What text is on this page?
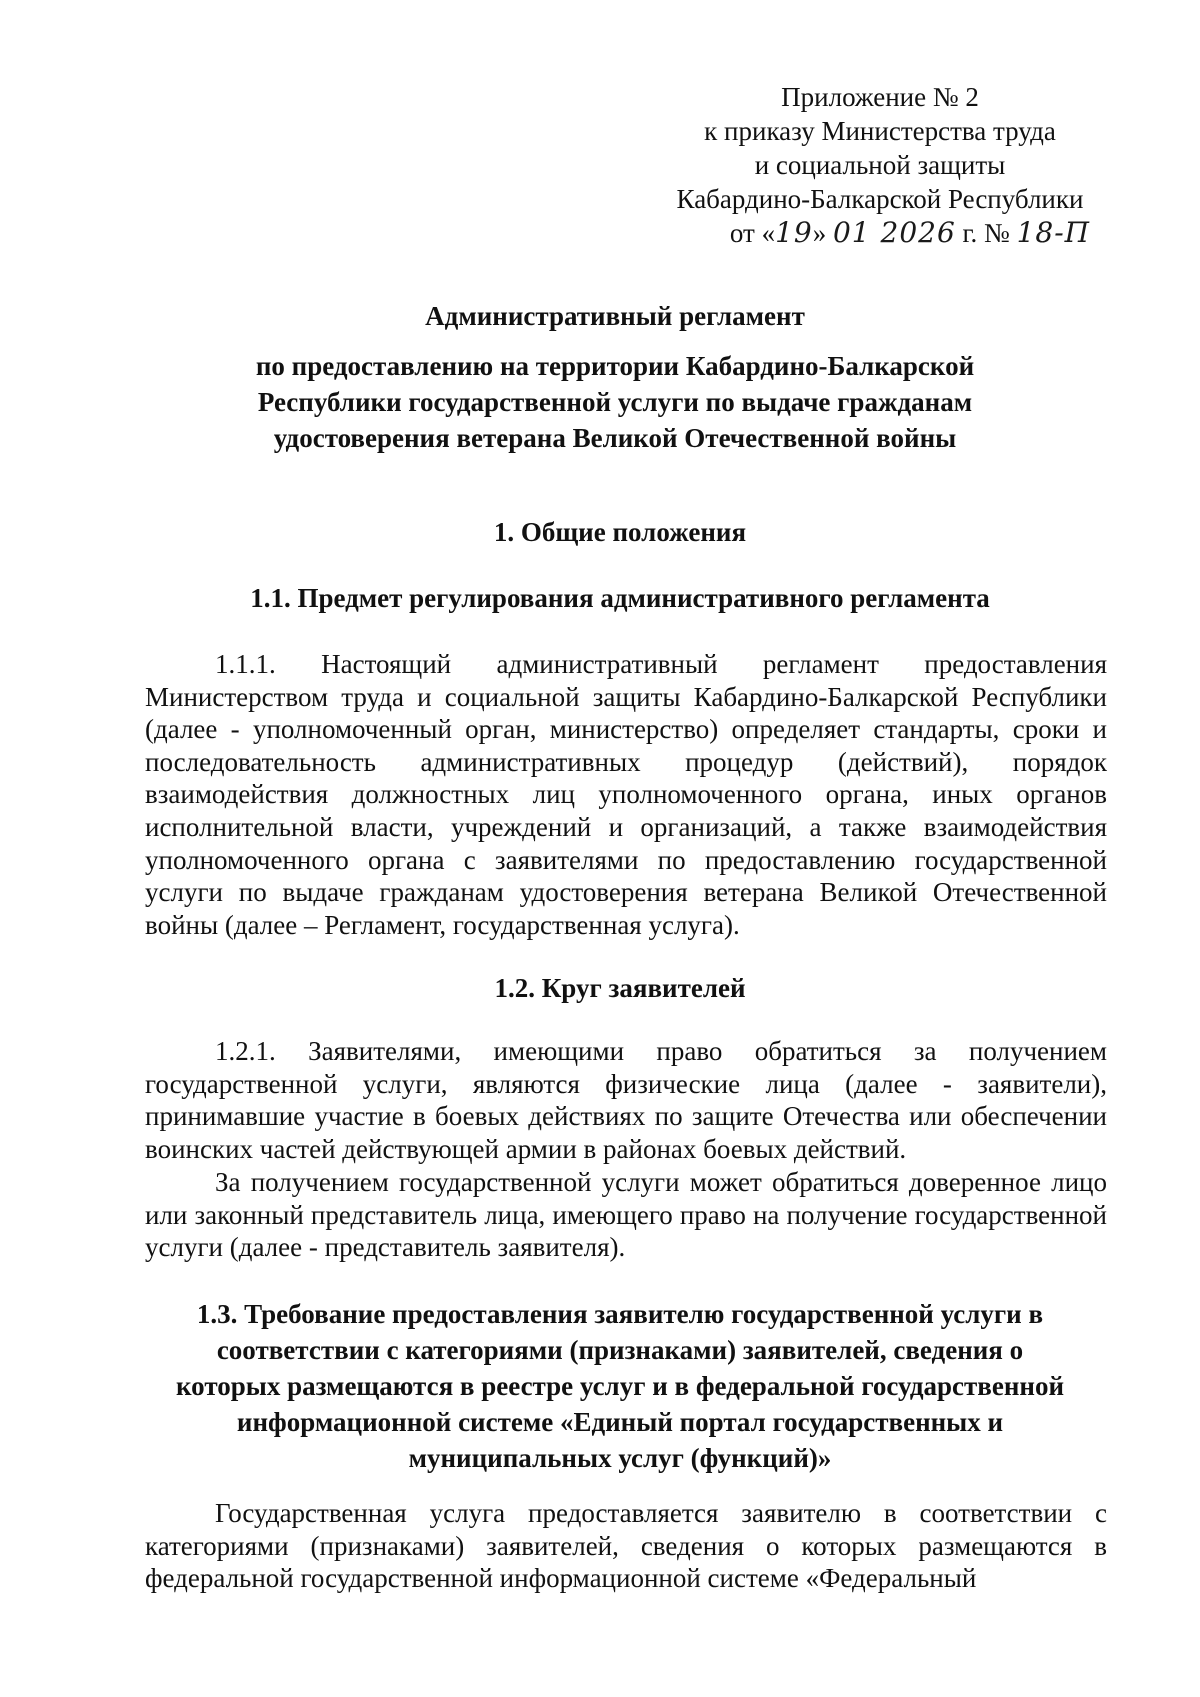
Приложение № 2
к приказу Министерства труда
и социальной защиты
Кабардино-Балкарской Республики
от «19» 01 2026 г. № 18-П
Административный регламент
по предоставлению на территории Кабардино-Балкарской Республики государственной услуги по выдаче гражданам удостоверения ветерана Великой Отечественной войны
1. Общие положения
1.1. Предмет регулирования административного регламента

1.1.1. Настоящий административный регламент предоставления Министерством труда и социальной защиты Кабардино-Балкарской Республики (далее - уполномоченный орган, министерство) определяет стандарты, сроки и последовательность административных процедур (действий), порядок взаимодействия должностных лиц уполномоченного органа, иных органов исполнительной власти, учреждений и организаций, а также взаимодействия уполномоченного органа с заявителями по предоставлению государственной услуги по выдаче гражданам удостоверения ветерана Великой Отечественной войны (далее – Регламент, государственная услуга).

1.2. Круг заявителей

1.2.1. Заявителями, имеющими право обратиться за получением государственной услуги, являются физические лица (далее - заявители), принимавшие участие в боевых действиях по защите Отечества или обеспечении воинских частей действующей армии в районах боевых действий.

За получением государственной услуги может обратиться доверенное лицо или законный представитель лица, имеющего право на получение государственной услуги (далее - представитель заявителя).

1.3. Требование предоставления заявителю государственной услуги в соответствии с категориями (признаками) заявителей, сведения о которых размещаются в реестре услуг и в федеральной государственной информационной системе «Единый портал государственных и муниципальных услуг (функций)»

Государственная услуга предоставляется заявителю в соответствии с категориями (признаками) заявителей, сведения о которых размещаются в федеральной государственной информационной системе «Федеральный
